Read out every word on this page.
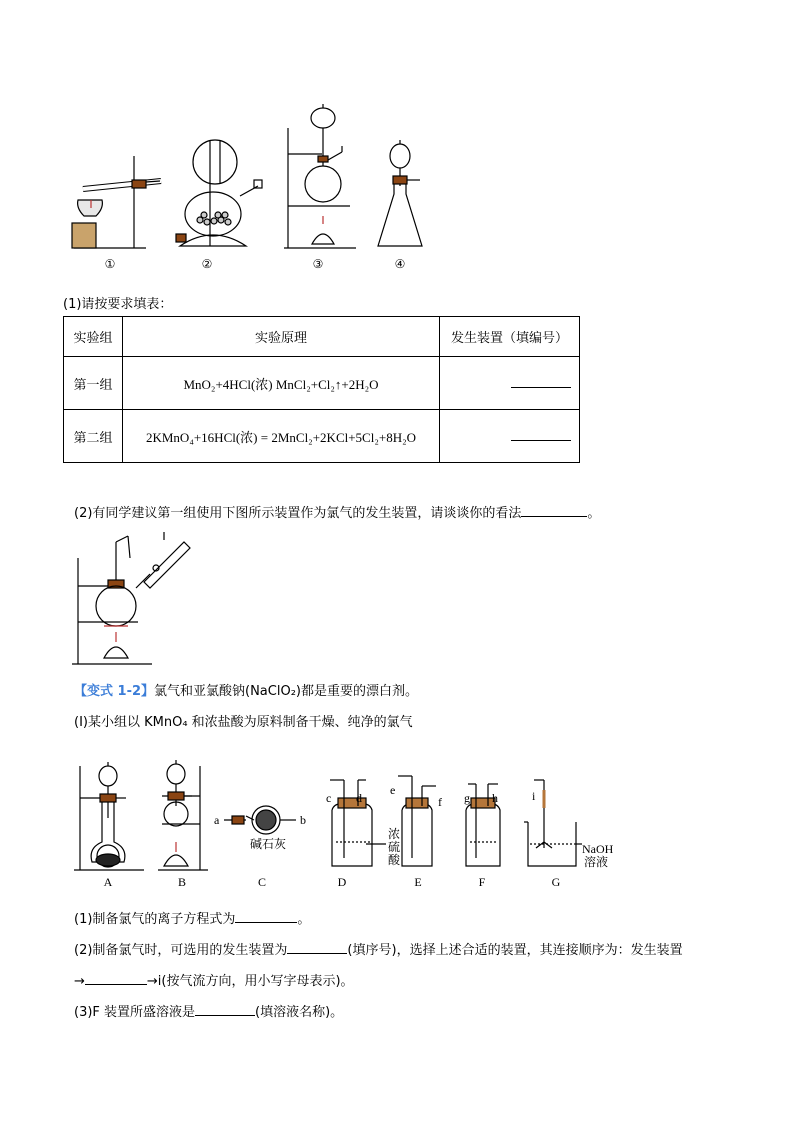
①	②	③	④
(1)请按要求填表：
实验组	实验原理	发生装置（填编号）
第一组	MnO₂+4HCl(浓) MnCl₂+Cl₂↑+2H₂O	
第二组	2KMnO₄+16HCl(浓) = 2MnCl₂+2KCl+5Cl₂+8H₂O	
(2)有同学建议第一组使用下图所示装置作为氯气的发生装置，请谈谈你的看法	。
【变式 1-2】氯气和亚氯酸钠(NaClO₂)都是重要的漂白剂。
(I)某小组以 KMnO₄ 和浓盐酸为原料制备干燥、纯净的氯气
a	b
c d
e
f g h	i
碱石灰	NaOH
溶液
A	B	C	D	E	F	G
浓硫酸
(1)制备氯气的离子方程式为	。
(2)制备氯气时，可选用的发生装置为	(填序号)，选择上述合适的装置，其连接顺序为：发生装置
→	→i(按气流方向，用小写字母表示)。
(3)F 装置所盛溶液是	(填溶液名称)。
